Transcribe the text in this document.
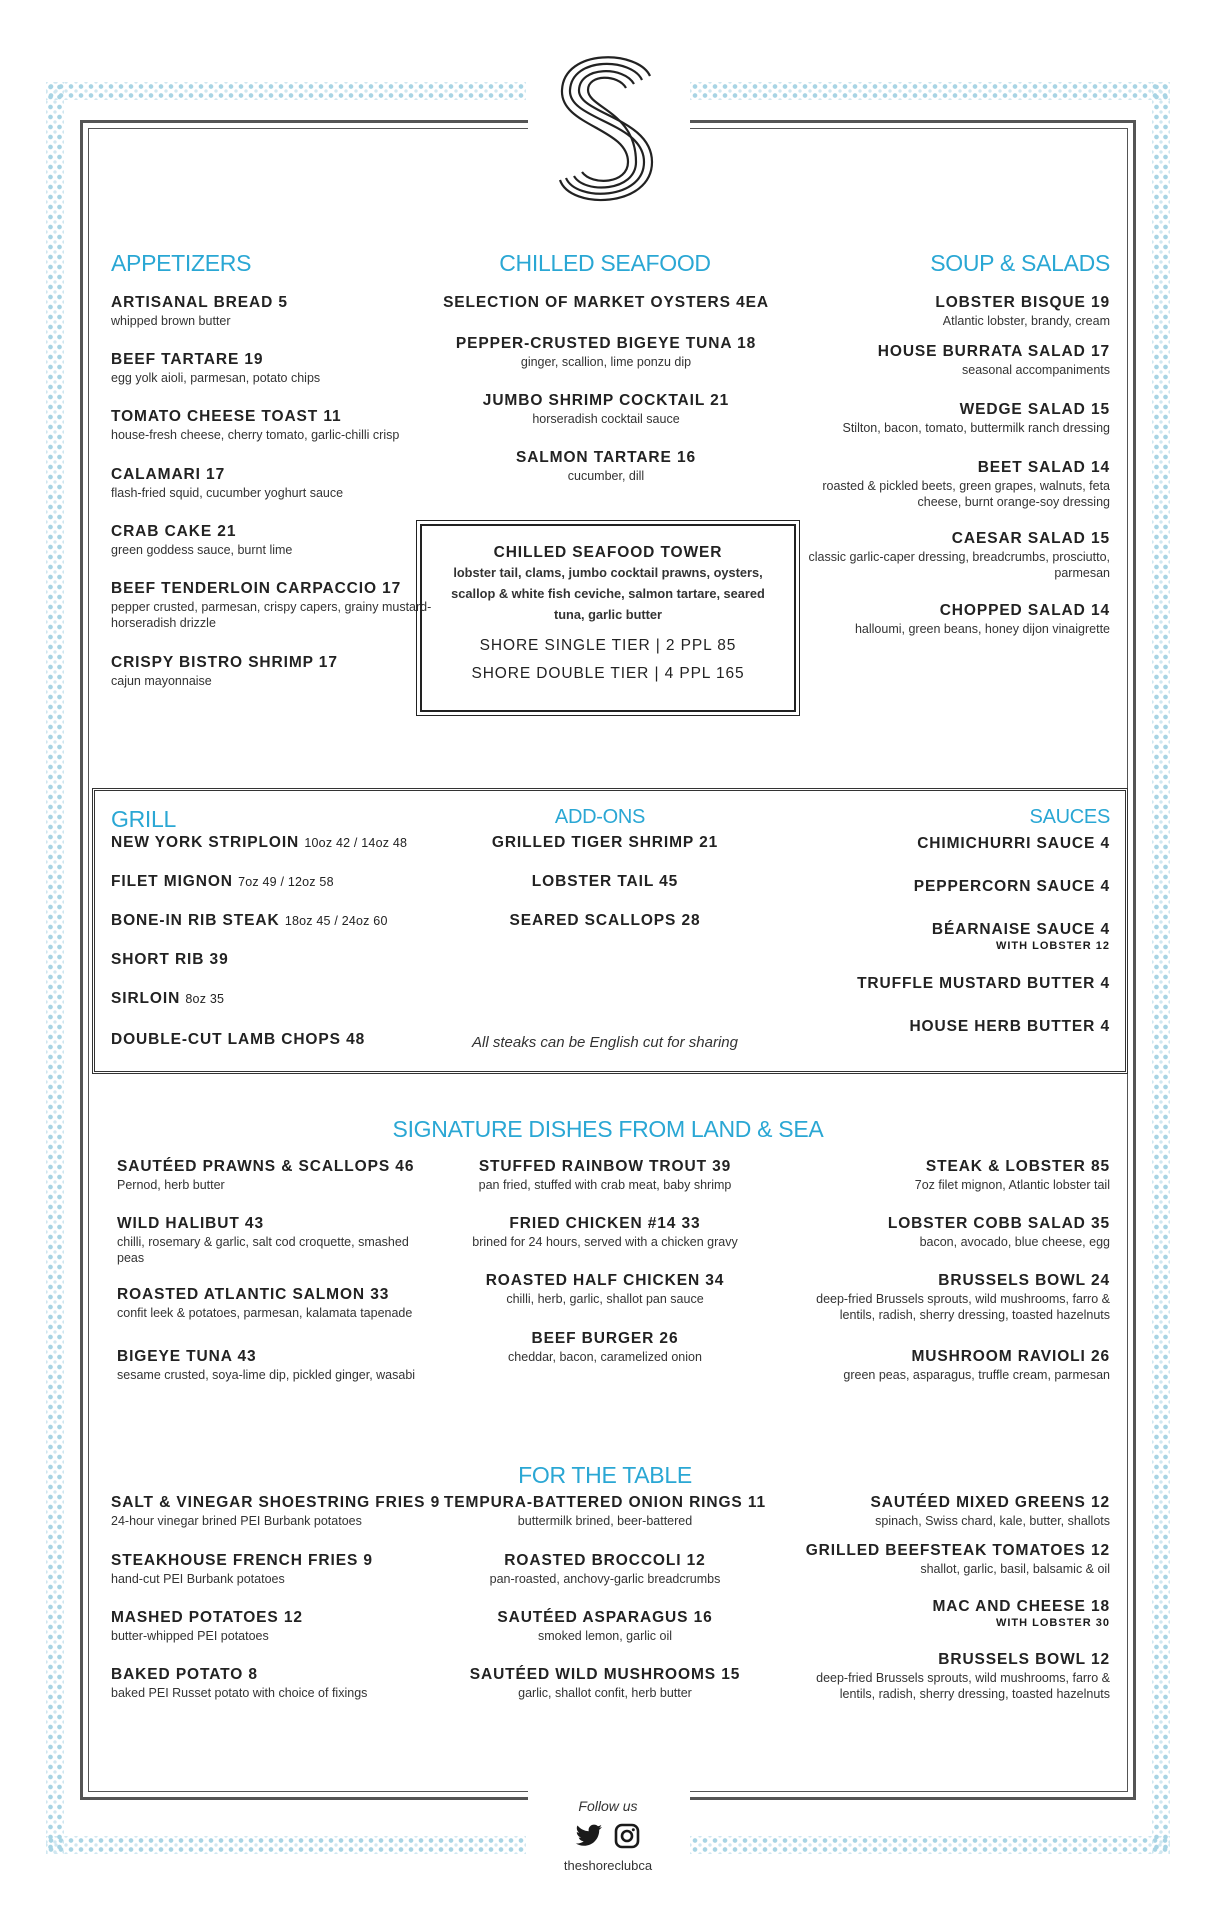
APPETIZERS
ARTISANAL BREAD 5
whipped brown butter
BEEF TARTARE 19
egg yolk aioli, parmesan, potato chips
TOMATO CHEESE TOAST 11
house-fresh cheese, cherry tomato, garlic-chilli crisp
CALAMARI 17
flash-fried squid, cucumber yoghurt sauce
CRAB CAKE 21
green goddess sauce, burnt lime
BEEF TENDERLOIN CARPACCIO 17
pepper crusted, parmesan, crispy capers, grainy mustard-horseradish drizzle
CRISPY BISTRO SHRIMP 17
cajun mayonnaise
CHILLED SEAFOOD
SELECTION OF MARKET OYSTERS 4EA
PEPPER-CRUSTED BIGEYE TUNA 18
ginger, scallion, lime ponzu dip
JUMBO SHRIMP COCKTAIL 21
horseradish cocktail sauce
SALMON TARTARE 16
cucumber, dill
CHILLED SEAFOOD TOWER
lobster tail, clams, jumbo cocktail prawns, oysters, scallop & white fish ceviche, salmon tartare, seared tuna, garlic butter
SHORE SINGLE TIER | 2 PPL 85
SHORE DOUBLE TIER | 4 PPL 165
SOUP & SALADS
LOBSTER BISQUE 19
Atlantic lobster, brandy, cream
HOUSE BURRATA SALAD 17
seasonal accompaniments
WEDGE SALAD 15
Stilton, bacon, tomato, buttermilk ranch dressing
BEET SALAD 14
roasted & pickled beets, green grapes, walnuts, feta cheese, burnt orange-soy dressing
CAESAR SALAD 15
classic garlic-caper dressing, breadcrumbs, prosciutto, parmesan
CHOPPED SALAD 14
halloumi, green beans, honey dijon vinaigrette
GRILL
NEW YORK STRIPLOIN 10oz 42 / 14oz 48
FILET MIGNON 7oz 49 / 12oz 58
BONE-IN RIB STEAK 18oz 45 / 24oz 60
SHORT RIB 39
SIRLOIN 8oz 35
DOUBLE-CUT LAMB CHOPS 48
ADD-ONS
GRILLED TIGER SHRIMP 21
LOBSTER TAIL 45
SEARED SCALLOPS 28
All steaks can be English cut for sharing
SAUCES
CHIMICHURRI SAUCE 4
PEPPERCORN SAUCE 4
BÉARNAISE SAUCE 4
WITH LOBSTER 12
TRUFFLE MUSTARD BUTTER 4
HOUSE HERB BUTTER 4
SIGNATURE DISHES FROM LAND & SEA
SAUTÉED PRAWNS & SCALLOPS 46
Pernod, herb butter
WILD HALIBUT 43
chilli, rosemary & garlic, salt cod croquette, smashed peas
ROASTED ATLANTIC SALMON 33
confit leek & potatoes, parmesan, kalamata tapenade
BIGEYE TUNA 43
sesame crusted, soya-lime dip, pickled ginger, wasabi
STUFFED RAINBOW TROUT 39
pan fried, stuffed with crab meat, baby shrimp
FRIED CHICKEN #14 33
brined for 24 hours, served with a chicken gravy
ROASTED HALF CHICKEN 34
chilli, herb, garlic, shallot pan sauce
BEEF BURGER 26
cheddar, bacon, caramelized onion
STEAK & LOBSTER 85
7oz filet mignon, Atlantic lobster tail
LOBSTER COBB SALAD 35
bacon, avocado, blue cheese, egg
BRUSSELS BOWL 24
deep-fried Brussels sprouts, wild mushrooms, farro & lentils, radish, sherry dressing, toasted hazelnuts
MUSHROOM RAVIOLI 26
green peas, asparagus, truffle cream, parmesan
FOR THE TABLE
SALT & VINEGAR SHOESTRING FRIES 9
24-hour vinegar brined PEI Burbank potatoes
STEAKHOUSE FRENCH FRIES 9
hand-cut PEI Burbank potatoes
MASHED POTATOES 12
butter-whipped PEI potatoes
BAKED POTATO 8
baked PEI Russet potato with choice of fixings
TEMPURA-BATTERED ONION RINGS 11
buttermilk brined, beer-battered
ROASTED BROCCOLI 12
pan-roasted, anchovy-garlic breadcrumbs
SAUTÉED ASPARAGUS 16
smoked lemon, garlic oil
SAUTÉED WILD MUSHROOMS 15
garlic, shallot confit, herb butter
SAUTÉED MIXED GREENS 12
spinach, Swiss chard, kale, butter, shallots
GRILLED BEEFSTEAK TOMATOES 12
shallot, garlic, basil, balsamic & oil
MAC AND CHEESE 18
WITH LOBSTER 30
BRUSSELS BOWL 12
deep-fried Brussels sprouts, wild mushrooms, farro & lentils, radish, sherry dressing, toasted hazelnuts
Follow us
theshoreclubca
